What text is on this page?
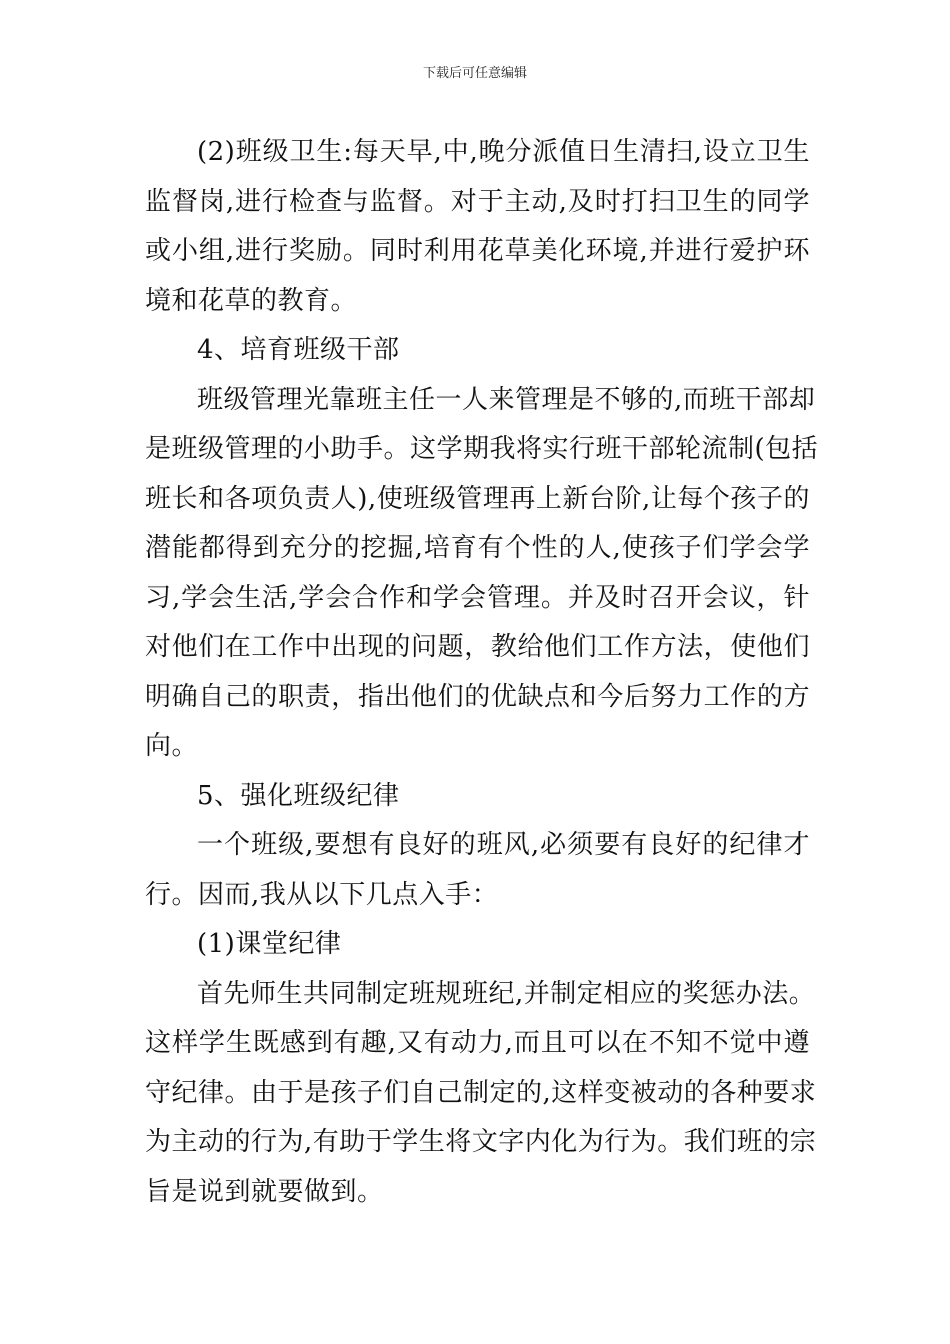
下载后可任意编辑
(2)班级卫生:每天早,中,晚分派值日生清扫,设立卫生
监督岗,进行检查与监督。对于主动,及时打扫卫生的同学
或小组,进行奖励。同时利用花草美化环境,并进行爱护环
境和花草的教育。
4、培育班级干部
班级管理光靠班主任一人来管理是不够的,而班干部却
是班级管理的小助手。这学期我将实行班干部轮流制(包括
班长和各项负责人),使班级管理再上新台阶,让每个孩子的
潜能都得到充分的挖掘,培育有个性的人,使孩子们学会学
习,学会生活,学会合作和学会管理。并及时召开会议，针
对他们在工作中出现的问题，教给他们工作方法，使他们
明确自己的职责，指出他们的优缺点和今后努力工作的方
向。
5、强化班级纪律
一个班级,要想有良好的班风,必须要有良好的纪律才
行。因而,我从以下几点入手：
(1)课堂纪律
首先师生共同制定班规班纪,并制定相应的奖惩办法。
这样学生既感到有趣,又有动力,而且可以在不知不觉中遵
守纪律。由于是孩子们自己制定的,这样变被动的各种要求
为主动的行为,有助于学生将文字内化为行为。我们班的宗
旨是说到就要做到。
